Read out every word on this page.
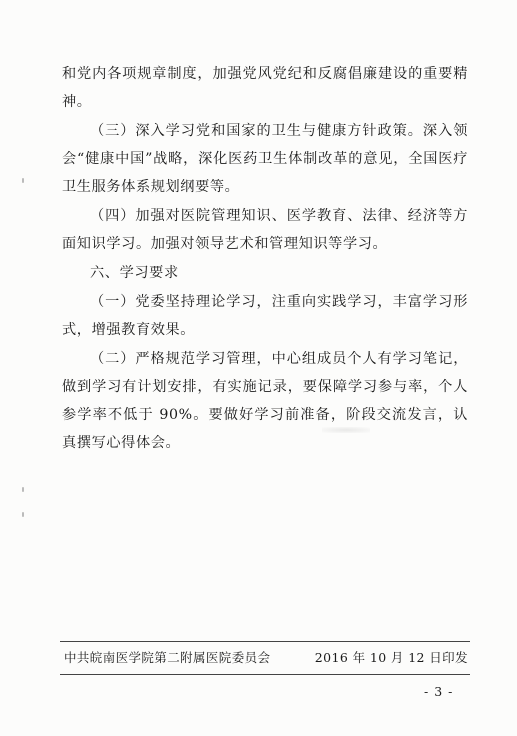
和党内各项规章制度，加强党风党纪和反腐倡廉建设的重要精神。

（三）深入学习党和国家的卫生与健康方针政策。深入领会“健康中国”战略，深化医药卫生体制改革的意见，全国医疗卫生服务体系规划纲要等。

（四）加强对医院管理知识、医学教育、法律、经济等方面知识学习。加强对领导艺术和管理知识等学习。

六、学习要求

（一）党委坚持理论学习，注重向实践学习，丰富学习形式，增强教育效果。

（二）严格规范学习管理，中心组成员个人有学习笔记，做到学习有计划安排，有实施记录，要保障学习参与率，个人参学率不低于 90%。要做好学习前准备，阶段交流发言，认真撰写心得体会。

中共皖南医学院第二附属医院委员会	2016 年 10 月 12 日印发
- 3 -
